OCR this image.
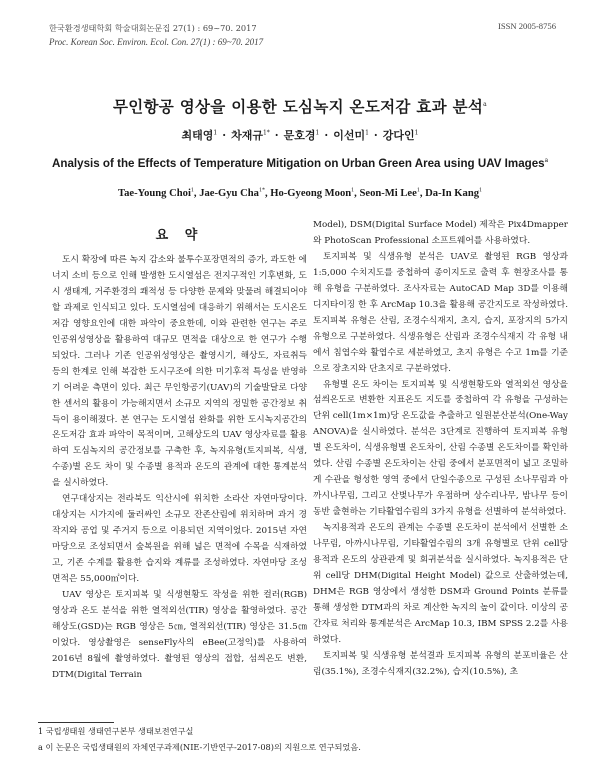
한국환경생태학회 학술대회논문집 27(1) : 69~70. 2017
Proc. Korean Soc. Environ. Ecol. Con. 27(1) : 69~70. 2017
ISSN 2005-8756
무인항공 영상을 이용한 도심녹지 온도저감 효과 분석$^a$
최태영$^1$ · 차재규$^{1*}$ · 문호경$^1$ · 이선미$^1$ · 강다인$^1$
Analysis of the Effects of Temperature Mitigation on Urban Green Area using UAV Images$^a$
Tae-Young Choi$^1$, Jae-Gyu Cha$^{1*}$, Ho-Gyeong Moon$^1$, Seon-Mi Lee$^1$, Da-In Kang$^1$
요 약

도시 확장에 따른 녹지 감소와 불투수포장면적의 증가, 과도한 에너지 소비 등으로 인해 발생한 도시열섬은 전지구적인 기후변화, 도시 생태계, 거주환경의 쾌적성 등 다양한 문제와 맞물려 해결되어야 할 과제로 인식되고 있다. 도시열섬에 대응하기 위해서는 도시온도저감 영향요인에 대한 파악이 중요한데, 이와 관련한 연구는 주로 인공위성영상을 활용하여 대규모 면적을 대상으로 한 연구가 수행되었다. 그러나 기존 인공위성영상은 촬영시기, 해상도, 자료취득 등의 한계로 인해 복잡한 도시구조에 의한 미기후적 특성을 반영하기 어려운 측면이 있다. 최근 무인항공기(UAV)의 기술발달로 다양한 센서의 활용이 가능해지면서 소규모 지역의 정밀한 공간정보 취득이 용이해졌다. 본 연구는 도시열섬 완화를 위한 도시녹지공간의 온도저감 효과 파악이 목적이며, 고해상도의 UAV 영상자료를 활용하여 도심녹지의 공간정보를 구축한 후, 녹지유형(토지피복, 식생, 수종)별 온도 차이 및 수종별 용적과 온도의 관계에 대한 통계분석을 실시하였다.

연구대상지는 전라북도 익산시에 위치한 소라산 자연마당이다. 대상지는 시가지에 둘러싸인 소규모 잔존산림에 위치하며 과거 경작지와 공업 및 주거지 등으로 이용되던 지역이었다. 2015년 자연마당으로 조성되면서 숲복원을 위해 넓은 면적에 수목을 식재하였고, 기존 수계를 활용한 습지와 계류를 조성하였다. 자연마당 조성면적은 55,000㎡이다.

UAV 영상은 토지피복 및 식생현황도 작성을 위한 컬러(RGB) 영상과 온도 분석을 위한 열적외선(TIR) 영상을 활영하였다. 공간해상도(GSD)는 RGB 영상은 5㎝, 열적외선(TIR) 영상은 31.5㎝이었다. 영상촬영은 senseFly사의 eBee(고정익)를 사용하여 2016년 8월에 촬영하였다. 촬영된 영상의 접합, 섬씌온도 변환, DTM(Digital Terrain

Model), DSM(Digital Surface Model) 제작은 Pix4Dmapper와 PhotoScan Professional 소프트웨어를 사용하였다.

토지피복 및 식생유형 분석은 UAV로 촬영된 RGB 영상과 1:5,000 수치지도를 중첩하여 종이지도로 출력 후 현장조사를 통해 유형을 구분하였다. 조사자료는 AutoCAD Map 3D를 이용해 디지타이징 한 후 ArcMap 10.3을 활용해 공간지도로 작성하였다. 토지피복 유형은 산림, 조경수식재지, 초지, 습지, 포장지의 5가지 유형으로 구분하였다. 식생유형은 산림과 조경수식재지 각 유형 내에서 침엽수와 활엽수로 세분하였고, 초지 유형은 수고 1m를 기준으로 장초지와 단초지로 구분하였다.

유형별 온도 차이는 토지피복 및 식생현황도와 열적외선 영상을 섬씌온도로 변환한 지표온도 지도를 중첩하여 각 유형을 구성하는 단위 cell(1m×1m)당 온도값을 추출하고 일원분산분석(One-Way ANOVA)을 실시하였다. 분석은 3단계로 진행하여 토지피복 유형별 온도차이, 식생유형별 온도차이, 산림 수종별 온도차이를 확인하였다. 산림 수종별 온도차이는 산림 중에서 분포면적이 넓고 조밀하게 수관을 형성한 영역 중에서 단일수종으로 구성된 소나무림과 아까시나무림, 그리고 산벚나무가 우점하며 상수리나무, 밤나무 등이 동반 출현하는 기타활엽수림의 3가지 유형을 선별하여 분석하였다.

녹지용적과 온도의 관계는 수종별 온도차이 분석에서 선별한 소나무림, 아까시나무림, 기타활엽수림의 3개 유형별로 단위 cell당 용적과 온도의 상관관계 및 회귀분석을 실시하였다. 녹지용적은 단위 cell당 DHM(Digital Height Model) 값으로 산출하였는데, DHM은 RGB 영상에서 생성한 DSM과 Ground Points 분류를 통해 생성한 DTM과의 차로 계산한 녹지의 높이 값이다. 이상의 공간자료 처리와 통계분석은 ArcMap 10.3, IBM SPSS 2.2를 사용하였다.

토지피복 및 식생유형 분석결과 토지피복 유형의 분포비율은 산림(35.1%), 조경수식재지(32.2%), 습지(10.5%), 초

1 국립생태원 생태연구본부 생태보전연구실
a 이 논문은 국립생태원의 자체연구과제(NIE-기반연구-2017-08)의 지원으로 연구되었음.
